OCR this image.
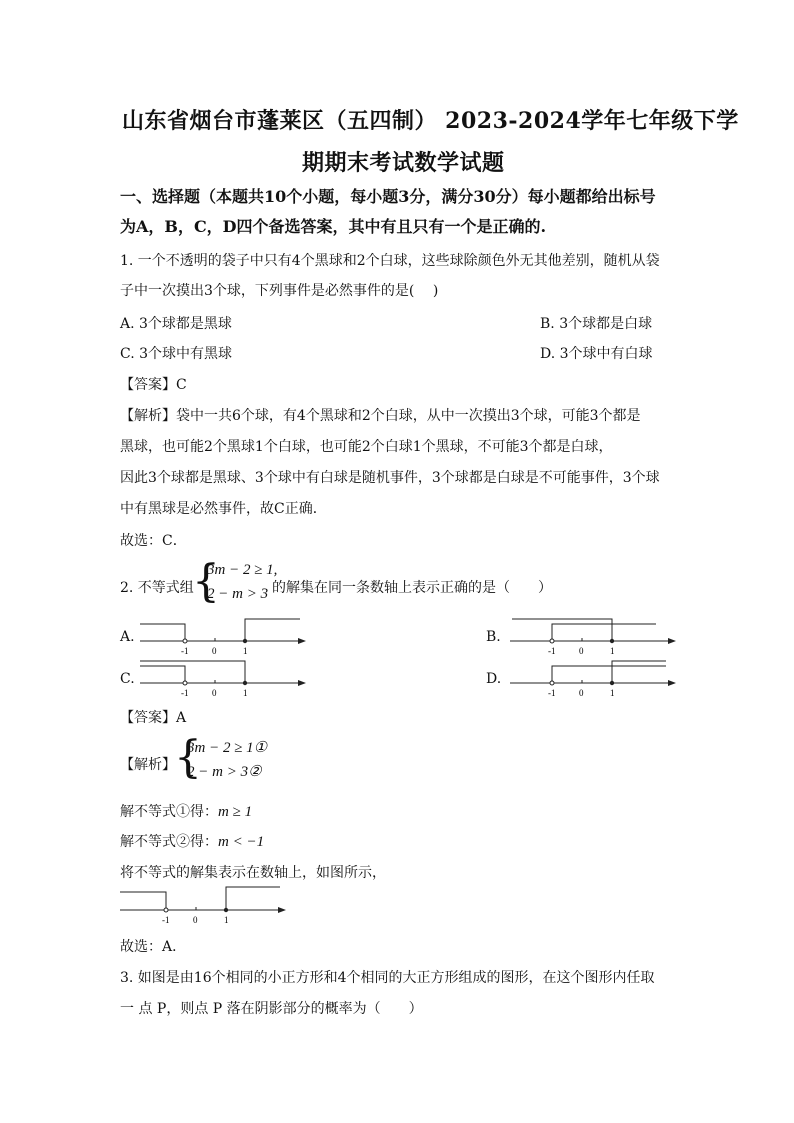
山东省烟台市蓬莱区（五四制） 2023-2024学年七年级下学
期期末考试数学试题
一、选择题（本题共10个小题，每小题3分，满分30分）每小题都给出标号
为A，B，C，D四个备选答案，其中有且只有一个是正确的.
1. 一个不透明的袋子中只有4个黑球和2个白球，这些球除颜色外无其他差别，随机从袋
子中一次摸出3个球，下列事件是必然事件的是(　 )
A. 3个球都是黑球	B. 3个球都是白球
C. 3个球中有黑球	D. 3个球中有白球
【答案】C
【解析】袋中一共6个球，有4个黑球和2个白球，从中一次摸出3个球，可能3个都是
黑球，也可能2个黑球1个白球，也可能2个白球1个黑球，不可能3个都是白球，
因此3个球都是黑球、3个球中有白球是随机事件，3个球都是白球是不可能事件，3个球
中有黑球是必然事件，故C正确．
故选：C．
2. 不等式组
{
3m − 2 ≥ 1,
2 − m > 3 的解集在同一条数轴上表示正确的是（　　）
A.
-1	0	1
B.
-1	0	1
C.
-1	0	1
D.
-1	0	1
【答案】A
【解析】
{
3m − 2 ≥ 1①
2 − m > 3②
解不等式①得：m ≥ 1
解不等式②得：m < −1
将不等式的解集表示在数轴上，如图所示，
-1	0	1
故选：A．
3. 如图是由16个相同的小正方形和4个相同的大正方形组成的图形，在这个图形内任取
一 点 P，则点 P 落在阴影部分的概率为（　　）
